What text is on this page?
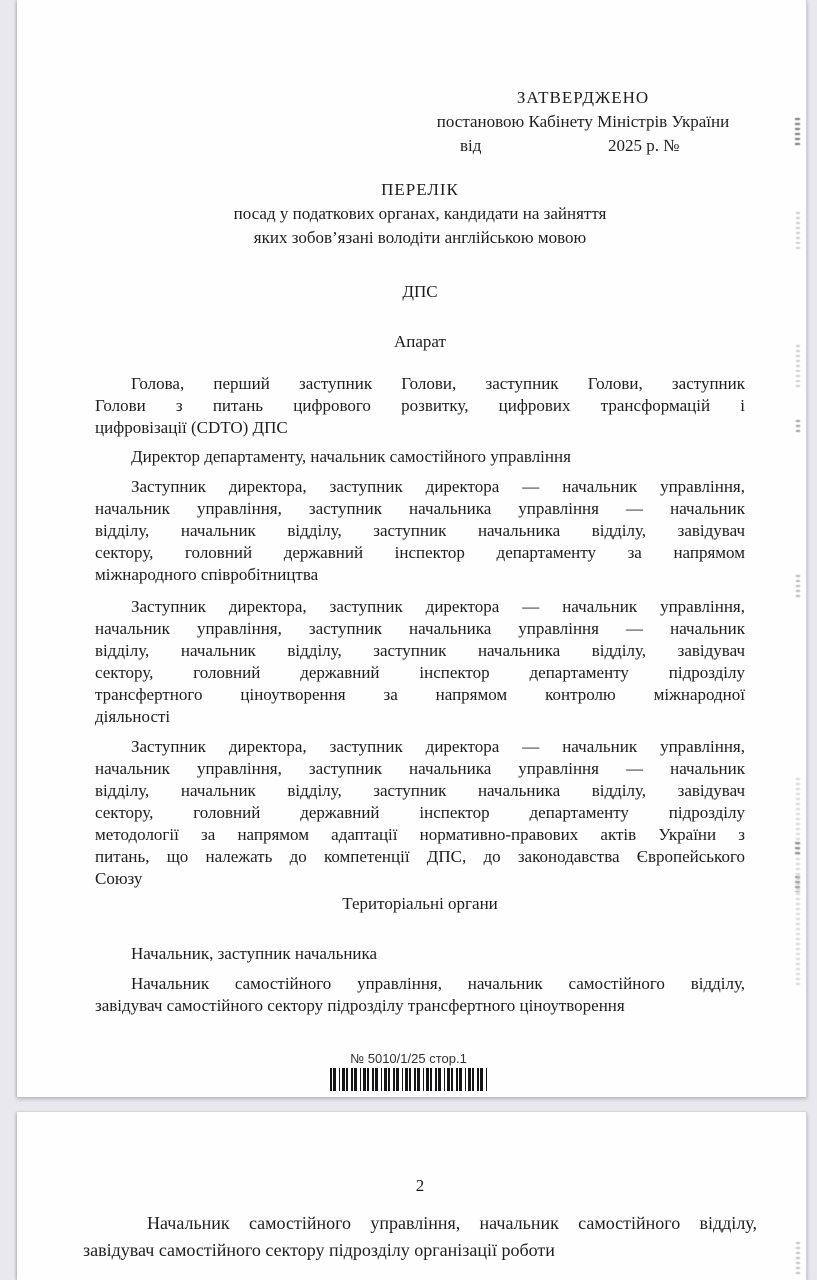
ЗАТВЕРДЖЕНО
постановою Кабінету Міністрів України
від	2025 р. №
ПЕРЕЛІК
посад у податкових органах, кандидати на зайняття
яких зобов’язані володіти англійською мовою
ДПС
Апарат

Голова, перший заступник Голови, заступник Голови, заступник
Голови з питань цифрового розвитку, цифрових трансформацій і
цифровізації (CDTO) ДПС

Директор департаменту, начальник самостійного управління

Заступник директора, заступник директора — начальник управління,
начальник управління, заступник начальника управління — начальник
відділу, начальник відділу, заступник начальника відділу, завідувач
сектору, головний державний інспектор департаменту за напрямом
міжнародного співробітництва

Заступник директора, заступник директора — начальник управління,
начальник управління, заступник начальника управління — начальник
відділу, начальник відділу, заступник начальника відділу, завідувач
сектору, головний державний інспектор департаменту підрозділу
трансфертного ціноутворення за напрямом контролю міжнародної
діяльності

Заступник директора, заступник директора — начальник управління,
начальник управління, заступник начальника управління — начальник
відділу, начальник відділу, заступник начальника відділу, завідувач
сектору, головний державний інспектор департаменту підрозділу
методології за напрямом адаптації нормативно-правових актів України з
питань, що належать до компетенції ДПС, до законодавства Європейського
Союзу

Територіальні органи

Начальник, заступник начальника

Начальник самостійного управління, начальник самостійного відділу,
завідувач самостійного сектору підрозділу трансфертного ціноутворення

№ 5010/1/25 стор.1
2

Начальник самостійного управління, начальник самостійного відділу,
завідувач самостійного сектору підрозділу організації роботи
